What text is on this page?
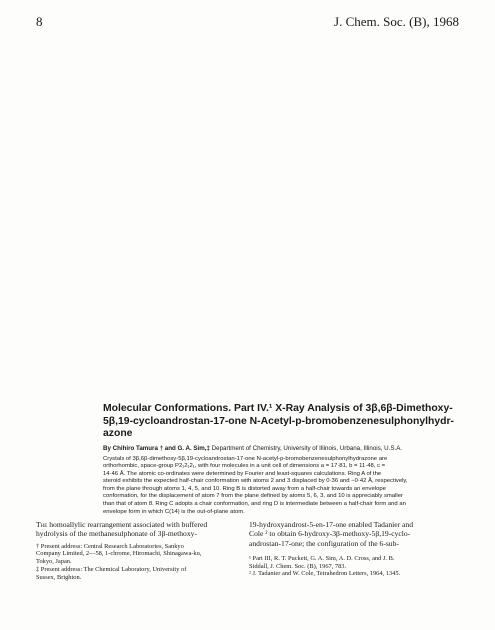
8	J. Chem. Soc. (B), 1968
Molecular Conformations. Part IV.¹ X-Ray Analysis of 3β,6β-Dimethoxy-
5β,19-cycloandrostan-17-one N-Acetyl-p-bromobenzenesulphonylhydr-
azone
By Chihiro Tamura † and G. A. Sim,‡ Department of Chemistry, University of Illinois, Urbana, Illinois, U.S.A.

Crystals of 3β,6β-dimethoxy-5β,19-cycloandrostan-17-one N-acetyl-p-bromobenzenesulphonylhydrazone are

orthorhombic, space-group P2₁2₁2₁, with four molecules in a unit cell of dimensions a = 17·81, b = 11·48, c =

14·46 Å. The atomic co-ordinates were determined by Fourier and least-squares calculations. Ring A of the

steroid exhibits the expected half-chair conformation with atoms 2 and 3 displaced by 0·36 and −0·42 Å, respectively,

from the plane through atoms 1, 4, 5, and 10. Ring B is distorted away from a half-chair towards an envelope

conformation, for the displacement of atom 7 from the plane defined by atoms 5, 6, 3, and 10 is appreciably smaller

than that of atom 8. Ring C adopts a chair conformation, and ring D is intermediate between a half-chair form and an

envelope form in which C(14) is the out-of-plane atom.

The homoallylic rearrangement associated with buffered

hydrolysis of the methanesulphonate of 3β-methoxy-

† Present address: Central Research Laboratories, Sankyo

Company Limited, 2—58, 1-chrome, Hiromachi, Shinagawa-ku,

Tokyo, Japan.

‡ Present address: The Chemical Laboratory, University of

Sussex, Brighton.

19-hydroxyandrost-5-en-17-one enabled Tadanier and

Cole ² to obtain 6-hydroxy-3β-methoxy-5β,19-cyclo-

androstan-17-one; the configuration of the 6-sub-

¹ Part III, R. T. Puckett, G. A. Sim, A. D. Cross, and J. B.

Siddall, J. Chem. Soc. (B), 1967, 783.

² J. Tadanier and W. Cole, Tetrahedron Letters, 1964, 1345.
